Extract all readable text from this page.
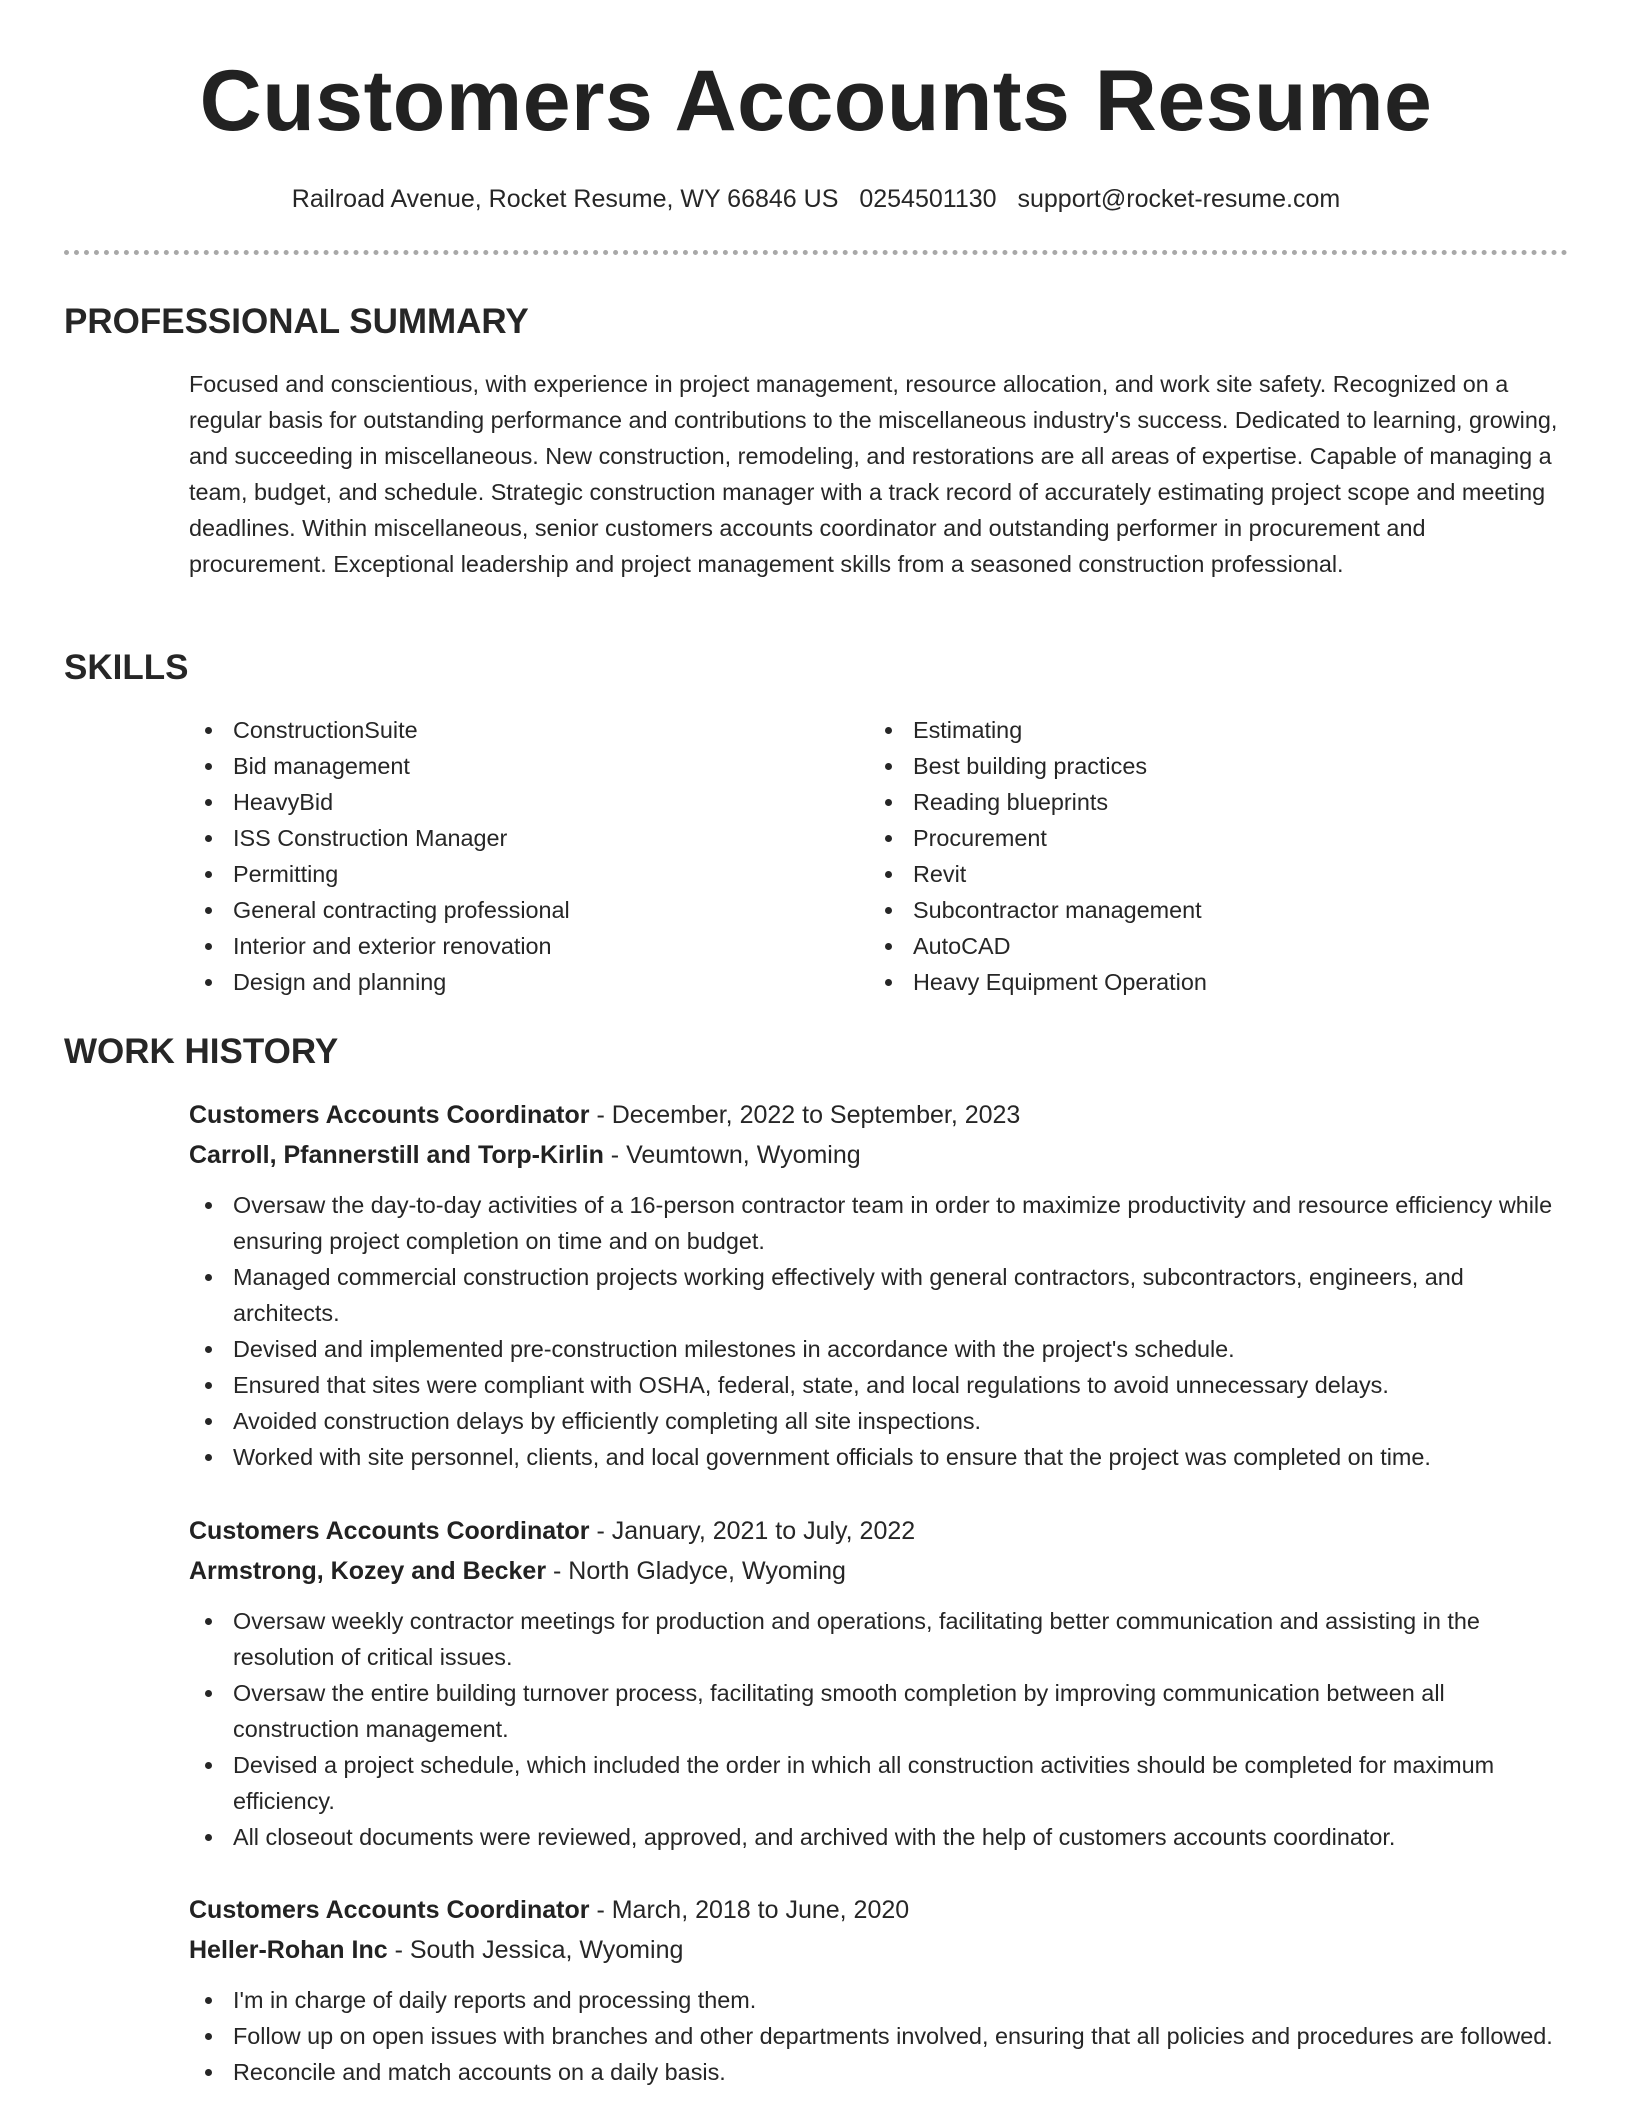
Customers Accounts Resume
Railroad Avenue, Rocket Resume, WY 66846 US 0254501130 support@rocket-resume.com
PROFESSIONAL SUMMARY

Focused and conscientious, with experience in project management, resource allocation, and work site safety. Recognized on a regular basis for outstanding performance and contributions to the miscellaneous industry's success. Dedicated to learning, growing, and succeeding in miscellaneous. New construction, remodeling, and restorations are all areas of expertise. Capable of managing a team, budget, and schedule. Strategic construction manager with a track record of accurately estimating project scope and meeting deadlines. Within miscellaneous, senior customers accounts coordinator and outstanding performer in procurement and procurement. Exceptional leadership and project management skills from a seasoned construction professional.

SKILLS
ConstructionSuite
Bid management
HeavyBid
ISS Construction Manager
Permitting
General contracting professional
Interior and exterior renovation
Design and planning
Estimating
Best building practices
Reading blueprints
Procurement
Revit
Subcontractor management
AutoCAD
Heavy Equipment Operation
WORK HISTORY
Customers Accounts Coordinator - December, 2022 to September, 2023
Carroll, Pfannerstill and Torp-Kirlin - Veumtown, Wyoming
Oversaw the day-to-day activities of a 16-person contractor team in order to maximize productivity and resource efficiency while ensuring project completion on time and on budget.
Managed commercial construction projects working effectively with general contractors, subcontractors, engineers, and architects.
Devised and implemented pre-construction milestones in accordance with the project's schedule.
Ensured that sites were compliant with OSHA, federal, state, and local regulations to avoid unnecessary delays.
Avoided construction delays by efficiently completing all site inspections.
Worked with site personnel, clients, and local government officials to ensure that the project was completed on time.
Customers Accounts Coordinator - January, 2021 to July, 2022
Armstrong, Kozey and Becker - North Gladyce, Wyoming
Oversaw weekly contractor meetings for production and operations, facilitating better communication and assisting in the resolution of critical issues.
Oversaw the entire building turnover process, facilitating smooth completion by improving communication between all construction management.
Devised a project schedule, which included the order in which all construction activities should be completed for maximum efficiency.
All closeout documents were reviewed, approved, and archived with the help of customers accounts coordinator.
Customers Accounts Coordinator - March, 2018 to June, 2020
Heller-Rohan Inc - South Jessica, Wyoming
I'm in charge of daily reports and processing them.
Follow up on open issues with branches and other departments involved, ensuring that all policies and procedures are followed.
Reconcile and match accounts on a daily basis.
